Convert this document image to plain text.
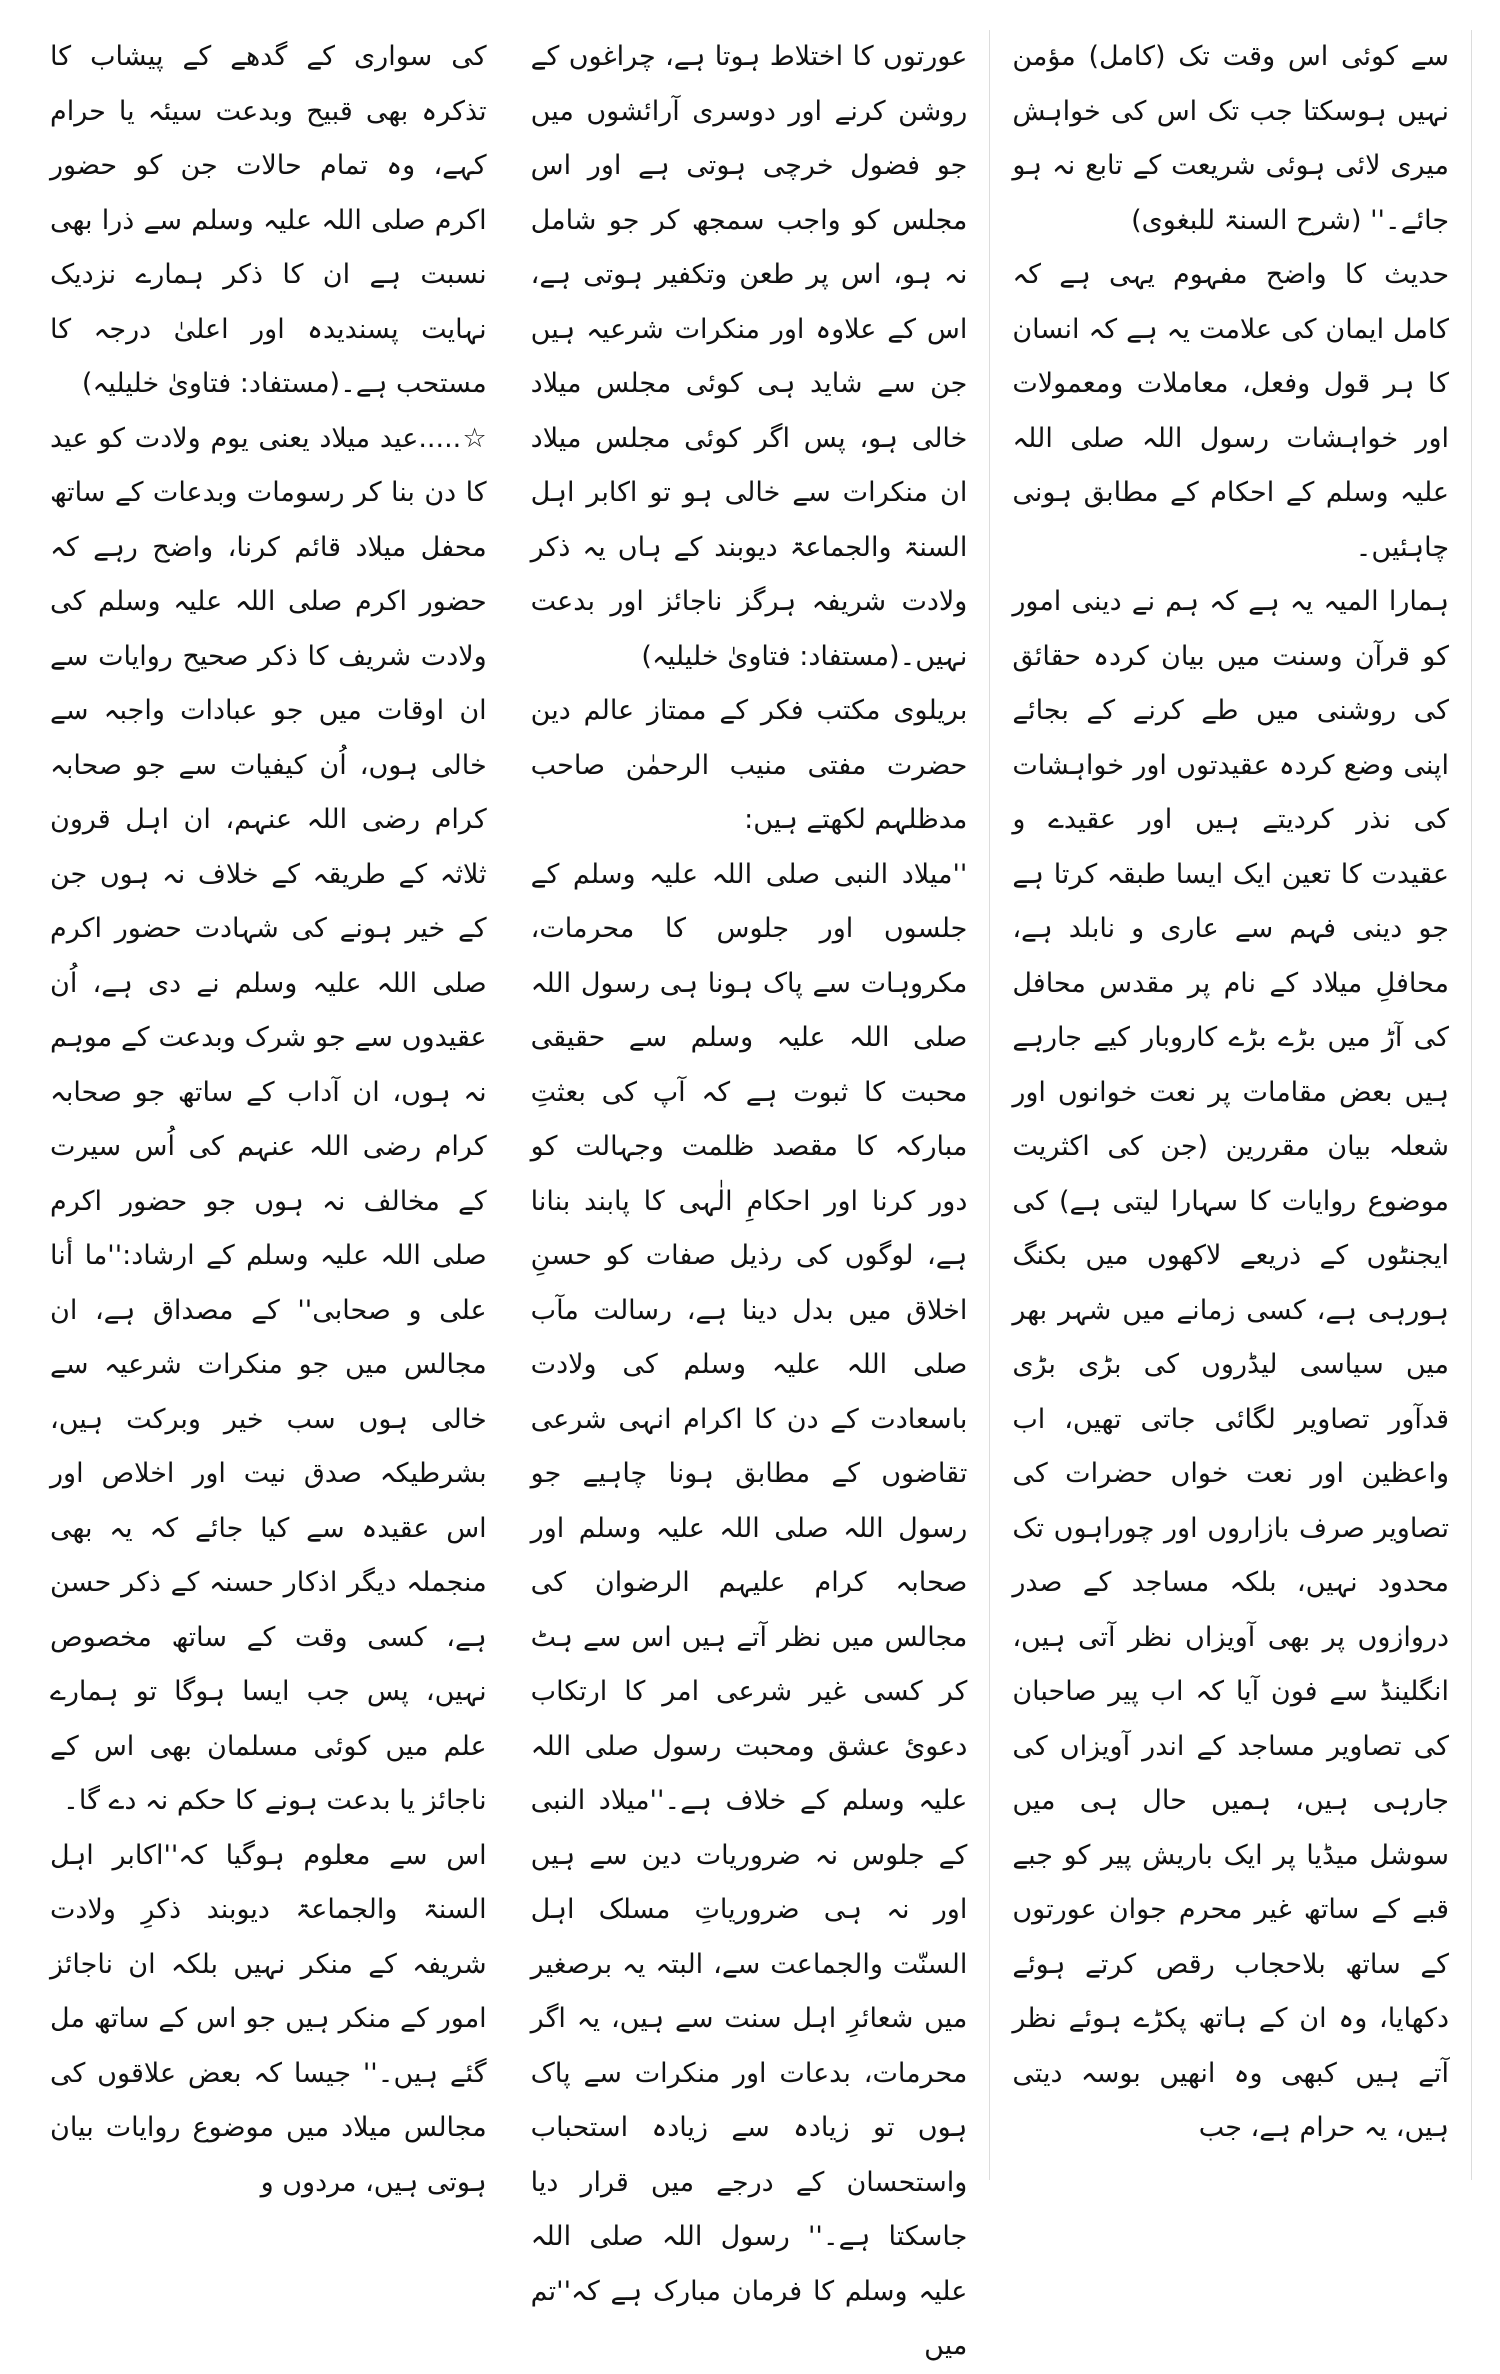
کی سواری کے گدھے کے پیشاب کا تذکرہ بھی قبیح وبدعت سیئہ یا حرام کہے، وہ تمام حالات جن کو حضور اکرم صلی اللہ علیہ وسلم سے ذرا بھی نسبت ہے ان کا ذکر ہمارے نزدیک نہایت پسندیدہ اور اعلیٰ درجہ کا مستحب ہے۔(مستفاد: فتاویٰ خلیلیہ)

☆.....عید میلاد یعنی یوم ولادت کو عید کا دن بنا کر رسومات وبدعات کے ساتھ محفل میلاد قائم کرنا، واضح رہے کہ حضور اکرم صلی اللہ علیہ وسلم کی ولادت شریف کا ذکر صحیح روایات سے ان اوقات میں جو عبادات واجبہ سے خالی ہوں، اُن کیفیات سے جو صحابہ کرام رضی اللہ عنہم، ان اہل قرون ثلاثہ کے طریقہ کے خلاف نہ ہوں جن کے خیر ہونے کی شہادت حضور اکرم صلی اللہ علیہ وسلم نے دی ہے، اُن عقیدوں سے جو شرک وبدعت کے موہم نہ ہوں، ان آداب کے ساتھ جو صحابہ کرام رضی اللہ عنہم کی اُس سیرت کے مخالف نہ ہوں جو حضور اکرم صلی اللہ علیہ وسلم کے ارشاد:''ما أنا علی و صحابی'' کے مصداق ہے، ان مجالس میں جو منکرات شرعیہ سے خالی ہوں سب خیر وبرکت ہیں، بشرطیکہ صدق نیت اور اخلاص اور اس عقیدہ سے کیا جائے کہ یہ بھی منجملہ دیگر اذکار حسنہ کے ذکر حسن ہے، کسی وقت کے ساتھ مخصوص نہیں، پس جب ایسا ہوگا تو ہمارے علم میں کوئی مسلمان بھی اس کے ناجائز یا بدعت ہونے کا حکم نہ دے گا۔

اس سے معلوم ہوگیا کہ''اکابر اہل السنۃ والجماعۃ دیوبند ذکرِ ولادت شریفہ کے منکر نہیں بلکہ ان ناجائز امور کے منکر ہیں جو اس کے ساتھ مل گئے ہیں۔'' جیسا کہ بعض علاقوں کی مجالس میلاد میں موضوع روایات بیان ہوتی ہیں، مردوں و

عورتوں کا اختلاط ہوتا ہے، چراغوں کے روشن کرنے اور دوسری آرائشوں میں جو فضول خرچی ہوتی ہے اور اس مجلس کو واجب سمجھ کر جو شامل نہ ہو، اس پر طعن وتکفیر ہوتی ہے، اس کے علاوہ اور منکرات شرعیہ ہیں جن سے شاید ہی کوئی مجلس میلاد خالی ہو، پس اگر کوئی مجلس میلاد ان منکرات سے خالی ہو تو اکابر اہل السنۃ والجماعۃ دیوبند کے ہاں یہ ذکر ولادت شریفہ ہرگز ناجائز اور بدعت نہیں۔(مستفاد: فتاویٰ خلیلیہ)

بریلوی مکتب فکر کے ممتاز عالم دین حضرت مفتی منیب الرحمٰن صاحب مدظلہم لکھتے ہیں:

''میلاد النبی صلی اللہ علیہ وسلم کے جلسوں اور جلوس کا محرمات، مکروہات سے پاک ہونا ہی رسول اللہ صلی اللہ علیہ وسلم سے حقیقی محبت کا ثبوت ہے کہ آپ کی بعثتِ مبارکہ کا مقصد ظلمت وجہالت کو دور کرنا اور احکامِ الٰہی کا پابند بنانا ہے، لوگوں کی رذیل صفات کو حسنِ اخلاق میں بدل دینا ہے، رسالت مآب صلی اللہ علیہ وسلم کی ولادت باسعادت کے دن کا اکرام انہی شرعی تقاضوں کے مطابق ہونا چاہیے جو رسول اللہ صلی اللہ علیہ وسلم اور صحابہ کرام علیہم الرضوان کی مجالس میں نظر آتے ہیں اس سے ہٹ کر کسی غیر شرعی امر کا ارتکاب دعویٔ عشق ومحبت رسول صلی اللہ علیہ وسلم کے خلاف ہے۔''میلاد النبی کے جلوس نہ ضروریات دین سے ہیں اور نہ ہی ضروریاتِ مسلک اہل السنّت والجماعت سے، البتہ یہ برصغیر میں شعائرِ اہل سنت سے ہیں، یہ اگر محرمات، بدعات اور منکرات سے پاک ہوں تو زیادہ سے زیادہ استحباب واستحسان کے درجے میں قرار دیا جاسکتا ہے۔'' رسول اللہ صلی اللہ علیہ وسلم کا فرمان مبارک ہے کہ''تم میں

سے کوئی اس وقت تک (کامل) مؤمن نہیں ہوسکتا جب تک اس کی خواہش میری لائی ہوئی شریعت کے تابع نہ ہو جائے۔'' (شرح السنۃ للبغوی)

حدیث کا واضح مفہوم یہی ہے کہ کامل ایمان کی علامت یہ ہے کہ انسان کا ہر قول وفعل، معاملات ومعمولات اور خواہشات رسول اللہ صلی اللہ علیہ وسلم کے احکام کے مطابق ہونی چاہئیں۔

ہمارا المیہ یہ ہے کہ ہم نے دینی امور کو قرآن وسنت میں بیان کردہ حقائق کی روشنی میں طے کرنے کے بجائے اپنی وضع کردہ عقیدتوں اور خواہشات کی نذر کردیتے ہیں اور عقیدے و عقیدت کا تعین ایک ایسا طبقہ کرتا ہے جو دینی فہم سے عاری و نابلد ہے، محافلِ میلاد کے نام پر مقدس محافل کی آڑ میں بڑے بڑے کاروبار کیے جارہے ہیں بعض مقامات پر نعت خوانوں اور شعلہ بیان مقررین (جن کی اکثریت موضوع روایات کا سہارا لیتی ہے) کی ایجنٹوں کے ذریعے لاکھوں میں بکنگ ہورہی ہے، کسی زمانے میں شہر بھر میں سیاسی لیڈروں کی بڑی بڑی قدآور تصاویر لگائی جاتی تھیں، اب واعظین اور نعت خواں حضرات کی تصاویر صرف بازاروں اور چوراہوں تک محدود نہیں، بلکہ مساجد کے صدر دروازوں پر بھی آویزاں نظر آتی ہیں، انگلینڈ سے فون آیا کہ اب پیر صاحبان کی تصاویر مساجد کے اندر آویزاں کی جارہی ہیں، ہمیں حال ہی میں سوشل میڈیا پر ایک باریش پیر کو جبے قبے کے ساتھ غیر محرم جوان عورتوں کے ساتھ بلاحجاب رقص کرتے ہوئے دکھایا، وہ ان کے ہاتھ پکڑے ہوئے نظر آتے ہیں کبھی وہ انھیں بوسہ دیتی ہیں، یہ حرام ہے، جب
